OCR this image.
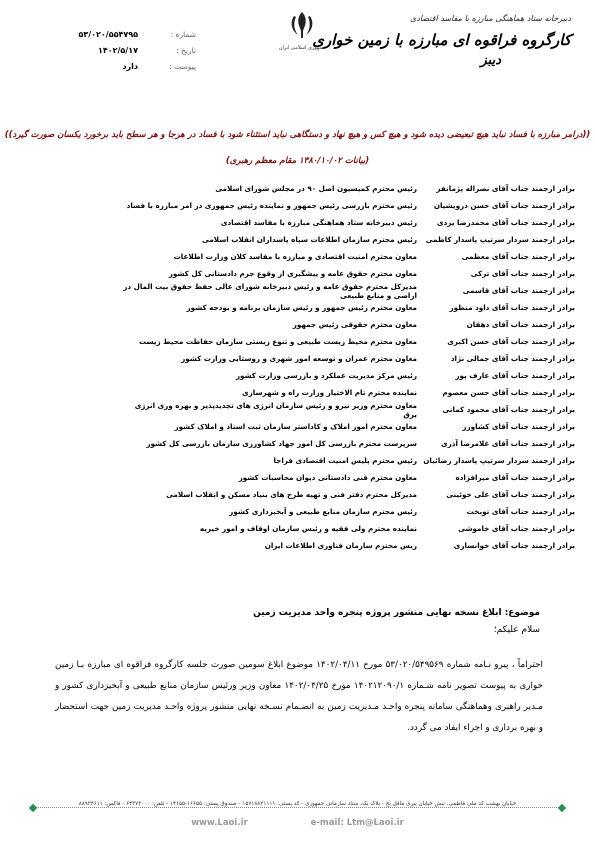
دبیرخانه ستاد هماهنگی مبارزه با مفاسد اقتصادی
کارگروه فراقوه ای مبارزه با زمین خواری
دیبز
جمهوری اسلامی ایران
شماره :
۵۳/۰۲۰/۵۵۴۷۹۵
تاریخ :
۱۴۰۲/۵/۱۷
پیوست :
دارد
((درامر مبارزه با فساد نباید هیچ تبعیضی دیده شود و هیچ کس و هیچ نهاد و دستگاهی نباید استثناء شود با فساد در هرجا و هر سطح باید برخورد یکسان صورت گیرد))
(بیانات ۱۳۸۰/۱۰/۰۲ مقام معظم رهبری)
برادر ارجمند جناب آقای نصراله پژمانفر
رئیس محترم کمیسیون اصل ۹۰ در مجلس شورای اسلامی
برادر ارجمند جناب آقای حسن درویشیان
رئیس محترم بازرسی رئیس جمهور و نماینده رئیس جمهوری در امر مبارزه با فساد
برادر ارجمند جناب آقای محمدرضا یزدی
رئیس دبیرخانه ستاد هماهنگی مبارزه با مفاسد اقتصادی
برادر ارجمند سردار سرتیپ پاسدار کاظمی
رئیس محترم سازمان اطلاعات سپاه پاسداران انقلاب اسلامی
برادر ارجمند جناب آقای معظمی
معاون محترم امنیت اقتصادی و مبارزه با مفاسد کلان وزارت اطلاعات
برادر ارجمند جناب آقای ترکی
معاون محترم حقوق عامه و پیشگیری از وقوع جرم دادستانی کل کشور
برادر ارجمند جناب آقای قاسمی
مدیرکل محترم حقوق عامه و رئیس دبیرخانه شورای عالی حفظ حقوق بیت المال در اراضی و منابع طبیعی
برادر ارجمند جناب آقای داود منظور
معاون محترم رئیس جمهور و رئیس سازمان برنامه و بودجه کشور
برادر ارجمند جناب آقای دهقان
معاون محترم حقوقی رئیس جمهور
برادر ارجمند جناب آقای حسن اکبری
معاون محترم محیط زیست طبیعی و تنوع زیستی سازمان حفاظت محیط زیست
برادر ارجمند جناب آقای جمالی نژاد
معاون محترم عمران و توسعه امور شهری و روستایی وزارت کشور
برادر ارجمند جناب آقای عارف پور
رئیس مرکز مدیریت عملکرد و بازرسی وزارت کشور
برادر ارجمند جناب آقای حسن معصوم
نماینده محترم تام الاختیار وزارت راه و شهرسازی
برادر ارجمند جناب آقای محمود کمانی
معاون محترم وزیر نیرو و رئیس سازمان انرژی های تجدیدپذیر و بهره وری انرژی برق
برادر ارجمند جناب آقای کشاورز
معاون محترم امور املاک و کاداستر سازمان ثبت اسناد و املاک کشور
برادر ارجمند جناب آقای غلامرضا آذری
سرپرست محترم بازرسی کل امور جهاد کشاورزی سازمان بازرسی کل کشور
برادر ارجمند سردار سرتیپ پاسدار رضائیان
رئیس محترم پلیس امنیت اقتصادی فراجا
برادر ارجمند جناب آقای میرافزاده
معاون محترم فنی دادستانی دیوان محاسبات کشور
برادر ارجمند جناب آقای علی خوئینی
مدیرکل محترم دفتر فنی و تهیه طرح های بنیاد مسکن و انقلاب اسلامی
برادر ارجمند جناب آقای توبخت
رئیس محترم سازمان منابع طبیعی و آبخیزداری کشور
برادر ارجمند جناب آقای خاموشی
نماینده محترم ولی فقیه و رئیس سازمان اوقاف و امور خیریه
برادر ارجمند جناب آقای خوانساری
ریس محترم سازمان فناوری اطلاعات ایران
موضوع: ابلاغ نسخه نهایی منشور پروژه پنجره واحد مدیریت زمین
سلام علیکم؛
احتراماً ، پیرو نـامه شماره ۵۳/۰۲۰/۵۴۹۵۶۹ مورخ ۱۴۰۲/۰۴/۱۱ موضوع ابلاغ سومین صورت جلسه کارگروه فراقوه ای مبارزه بـا زمین خواری به پیوست تصویر نامه شـماره ۱۴۰۲۱۲۰۹۰/۱ مورخ ۱۴۰۲/۰۴/۲۵ معاون وزیر ورئیس سازمان منابع طبیعی و آبخیزداری کشور و مـدیر راهبری وهماهنگی سامانه پنجره واحـد مـدیریت زمین به انضـمام نسـخه نهایی منشور پروژه واحـد مدیریت زمین جهت استحضار و بهره برداری و اجراء ایفاد می گردد.
خیابان بهشت کد ملی فاطمی، نبش خیابان پیری ماقل بخ - بلاک یک، ستاد سارمانی جمهوری - کد پستی: ۱۵۷۱۸۸۳۱۱۱۱ - صندوق پستی: ۱۶۶۵۵-۱۴۱۵۵ - تلفن: ۶۴۳۷۳۰۰۰ - فاکس: ۸۸۹۳۴۶۱۱
www.Laoi.ir	e-mail: Ltm@Laoi.ir
